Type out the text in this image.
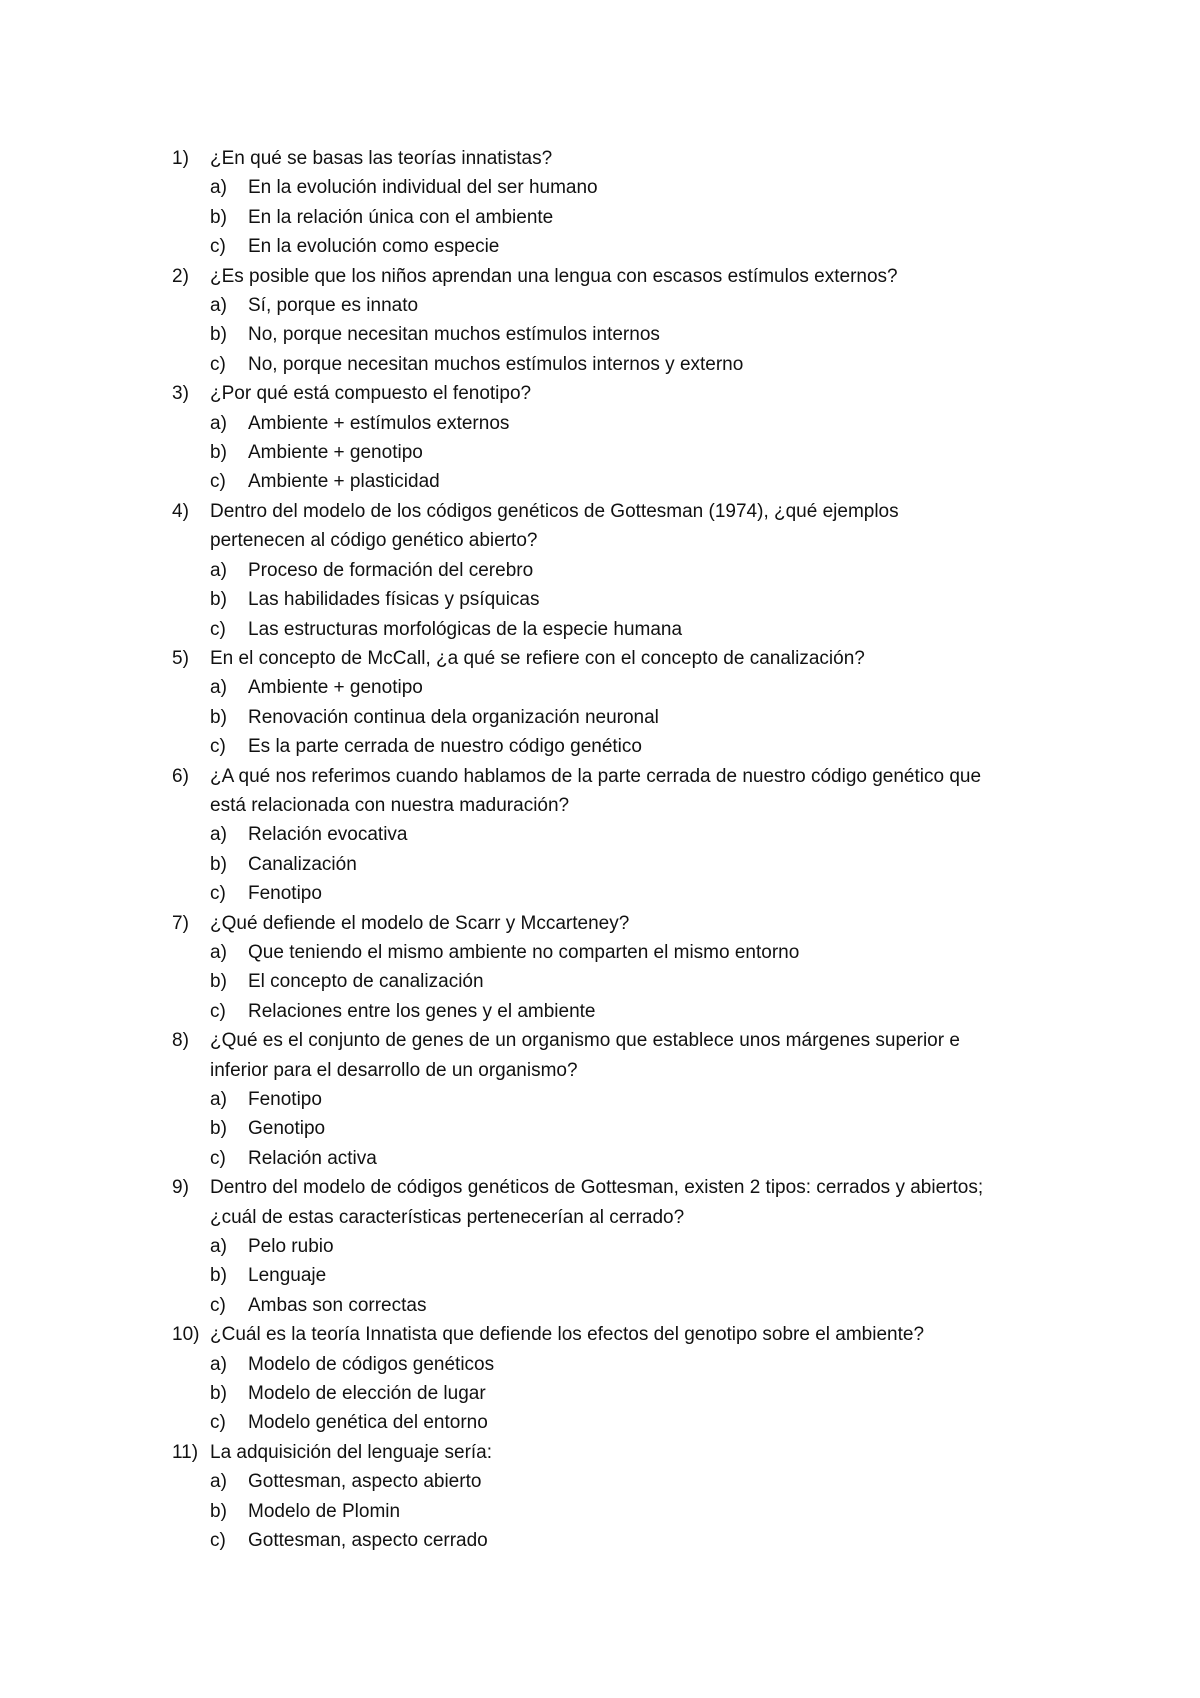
1)	¿En qué se basas las teorías innatistas?
a)	En la evolución individual del ser humano
b)	En la relación única con el ambiente
c)	En la evolución como especie
2)	¿Es posible que los niños aprendan una lengua con escasos estímulos externos?
a)	Sí, porque es innato
b)	No, porque necesitan muchos estímulos internos
c)	No, porque necesitan muchos estímulos internos y externo
3)	¿Por qué está compuesto el fenotipo?
a)	Ambiente + estímulos externos
b)	Ambiente + genotipo
c)	Ambiente + plasticidad
4)	Dentro del modelo de los códigos genéticos de Gottesman (1974), ¿qué ejemplos pertenecen al código genético abierto?
a)	Proceso de formación del cerebro
b)	Las habilidades físicas y psíquicas
c)	Las estructuras morfológicas de la especie humana
5)	En el concepto de McCall, ¿a qué se refiere con el concepto de canalización?
a)	Ambiente + genotipo
b)	Renovación continua dela organización neuronal
c)	Es la parte cerrada de nuestro código genético
6)	¿A qué nos referimos cuando hablamos de la parte cerrada de nuestro código genético que está relacionada con nuestra maduración?
a)	Relación evocativa
b)	Canalización
c)	Fenotipo
7)	¿Qué defiende el modelo de Scarr y Mccarteney?
a)	Que teniendo el mismo ambiente no comparten el mismo entorno
b)	El concepto de canalización
c)	Relaciones entre los genes y el ambiente
8)	¿Qué es el conjunto de genes de un organismo que establece unos márgenes superior e inferior para el desarrollo de un organismo?
a)	Fenotipo
b)	Genotipo
c)	Relación activa
9)	Dentro del modelo de códigos genéticos de Gottesman, existen 2 tipos: cerrados y abiertos; ¿cuál de estas características pertenecerían al cerrado?
a)	Pelo rubio
b)	Lenguaje
c)	Ambas son correctas
10) ¿Cuál es la teoría Innatista que defiende los efectos del genotipo sobre el ambiente?
a)	Modelo de códigos genéticos
b)	Modelo de elección de lugar
c)	Modelo genética del entorno
11) La adquisición del lenguaje sería:
a)	Gottesman, aspecto abierto
b)	Modelo de Plomin
c)	Gottesman, aspecto cerrado
